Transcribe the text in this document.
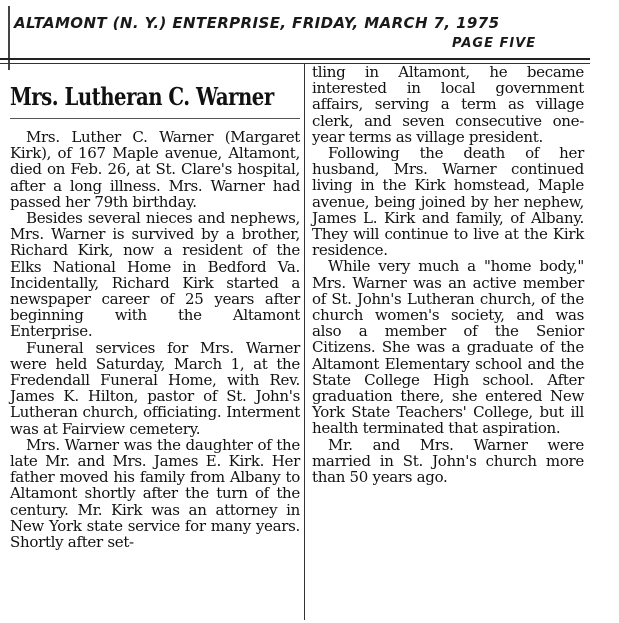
ALTAMONT (N. Y.) ENTERPRISE, FRIDAY, MARCH 7, 1975
PAGE FIVE
Mrs. Lutheran C. Warner

Mrs. Luther C. Warner (Margaret Kirk), of 167 Maple avenue, Altamont, died on Feb. 26, at St. Clare's hospital, after a long illness. Mrs. Warner had passed her 79th birthday.

Besides several nieces and nephews, Mrs. Warner is survived by a brother, Richard Kirk, now a resident of the Elks National Home in Bedford Va. Incidentally, Richard Kirk started a newspaper career of 25 years after beginning with the Altamont Enterprise.

Funeral services for Mrs. Warner were held Saturday, March 1, at the Fredendall Funeral Home, with Rev. James K. Hilton, pastor of St. John's Lutheran church, officiating. Interment was at Fairview cemetery.

Mrs. Warner was the daughter of the late Mr. and Mrs. James E. Kirk. Her father moved his family from Albany to Altamont shortly after the turn of the century. Mr. Kirk was an attorney in New York state service for many years. Shortly after set-

tling in Altamont, he became interested in local government affairs, serving a term as village clerk, and seven consecutive one-year terms as village president.

Following the death of her husband, Mrs. Warner continued living in the Kirk homstead, Maple avenue, being joined by her nephew, James L. Kirk and family, of Albany. They will continue to live at the Kirk residence.

While very much a "home body," Mrs. Warner was an active member of St. John's Lutheran church, of the church women's society, and was also a member of the Senior Citizens. She was a graduate of the Altamont Elementary school and the State College High school. After graduation there, she entered New York State Teachers' College, but ill health terminated that aspiration.

Mr. and Mrs. Warner were married in St. John's church more than 50 years ago.
